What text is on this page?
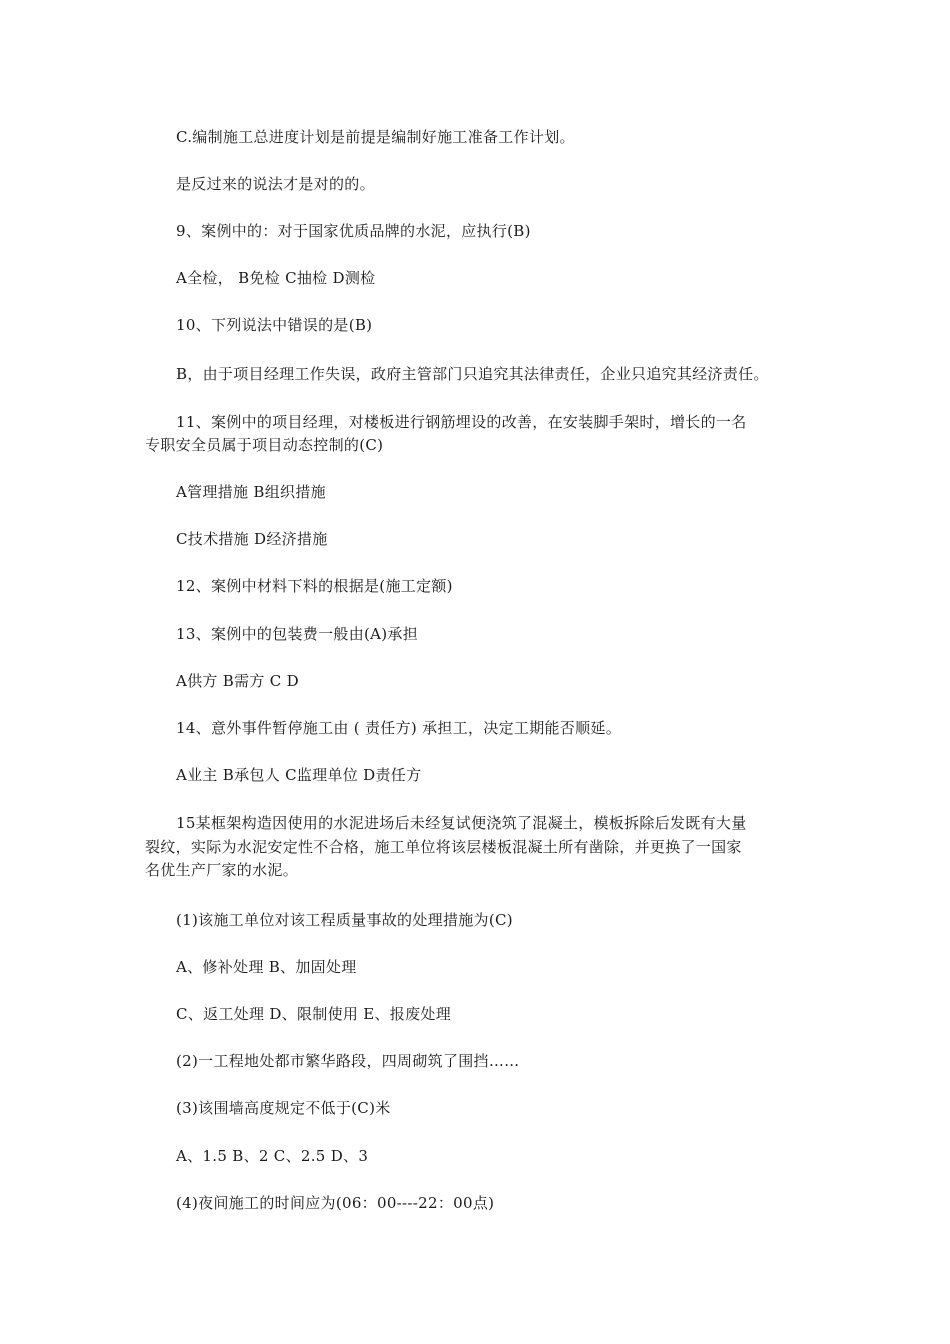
C.编制施工总进度计划是前提是编制好施工准备工作计划。
是反过来的说法才是对的的。
9、案例中的：对于国家优质品牌的水泥，应执行(B)
A全检， B免检 C抽检 D测检
10、下列说法中错误的是(B)
B，由于项目经理工作失误，政府主管部门只追究其法律责任，企业只追究其经济责任。
11、案例中的项目经理，对楼板进行钢筋埋设的改善，在安装脚手架时，增长的一名
专职安全员属于项目动态控制的(C)
A管理措施 B组织措施
C技术措施 D经济措施
12、案例中材料下料的根据是(施工定额)
13、案例中的包装费一般由(A)承担
A供方 B需方 C D
14、意外事件暂停施工由 ( 责任方) 承担工，决定工期能否顺延。
A业主 B承包人 C监理单位 D责任方
15某框架构造因使用的水泥进场后未经复试便浇筑了混凝土，模板拆除后发既有大量
裂纹，实际为水泥安定性不合格，施工单位将该层楼板混凝土所有凿除，并更换了一国家
名优生产厂家的水泥。
(1)该施工单位对该工程质量事故的处理措施为(C)
A、修补处理 B、加固处理
C、返工处理 D、限制使用 E、报废处理
(2)一工程地处都市繁华路段，四周砌筑了围挡……
(3)该围墙高度规定不低于(C)米
A、1.5 B、2 C、2.5 D、3
(4)夜间施工的时间应为(06：00----22：00点)
